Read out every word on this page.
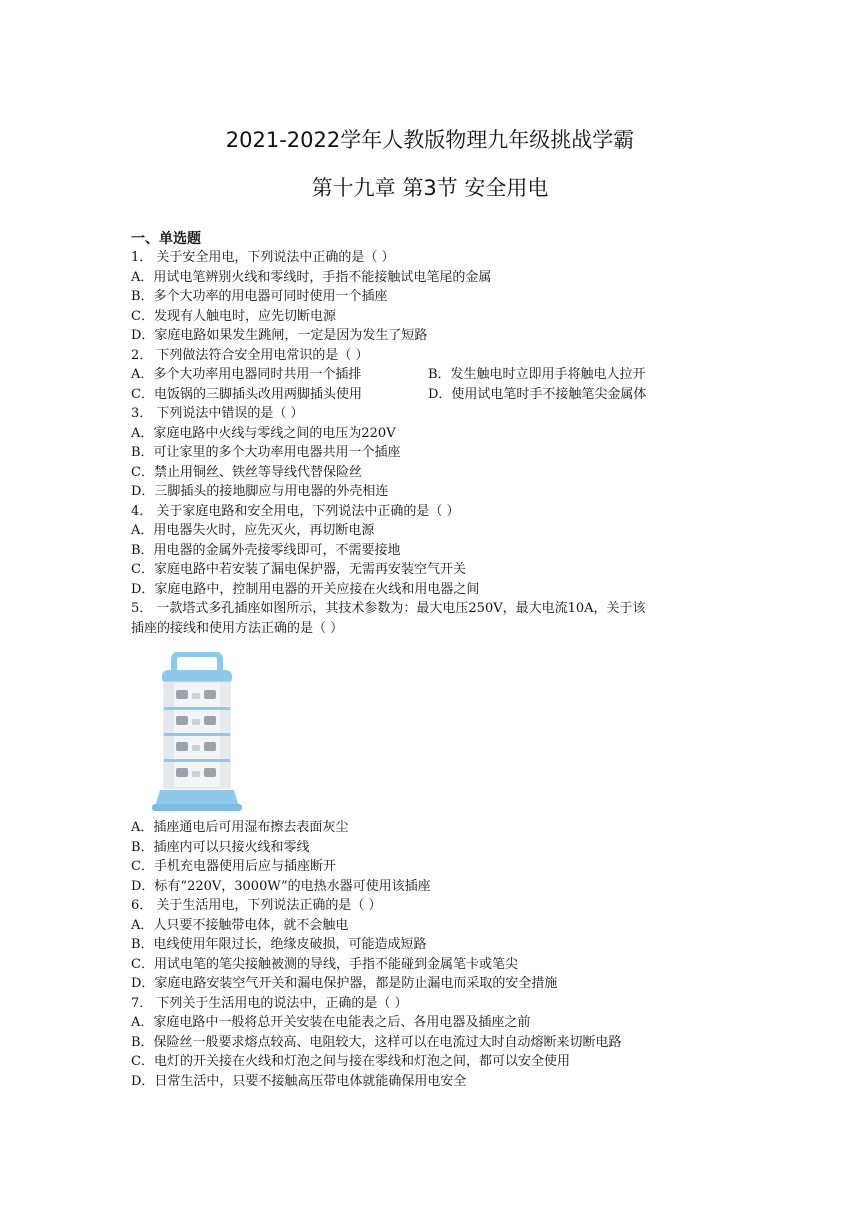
2021-2022学年人教版物理九年级挑战学霸
第十九章 第3节 安全用电
一、单选题
1． 关于安全用电，下列说法中正确的是（ ）
A．用试电笔辨别火线和零线时，手指不能接触试电笔尾的金属
B．多个大功率的用电器可同时使用一个插座
C．发现有人触电时，应先切断电源
D．家庭电路如果发生跳闸，一定是因为发生了短路
2． 下列做法符合安全用电常识的是（ ）
A．多个大功率用电器同时共用一个插排	B．发生触电时立即用手将触电人拉开
C．电饭锅的三脚插头改用两脚插头使用	D．使用试电笔时手不接触笔尖金属体
3． 下列说法中错误的是（ ）
A．家庭电路中火线与零线之间的电压为220V
B．可让家里的多个大功率用电器共用一个插座
C．禁止用铜丝、铁丝等导线代替保险丝
D．三脚插头的接地脚应与用电器的外壳相连
4． 关于家庭电路和安全用电，下列说法中正确的是（ ）
A．用电器失火时，应先灭火，再切断电源
B．用电器的金属外壳接零线即可，不需要接地
C．家庭电路中若安装了漏电保护器，无需再安装空气开关
D．家庭电路中，控制用电器的开关应接在火线和用电器之间
5． 一款塔式多孔插座如图所示，其技术参数为：最大电压250V，最大电流10A，关于该
插座的接线和使用方法正确的是（ ）
A．插座通电后可用湿布擦去表面灰尘
B．插座内可以只接火线和零线
C．手机充电器使用后应与插座断开
D．标有“220V，3000W”的电热水器可使用该插座
6． 关于生活用电，下列说法正确的是（ ）
A．人只要不接触带电体，就不会触电
B．电线使用年限过长，绝缘皮破损，可能造成短路
C．用试电笔的笔尖接触被测的导线，手指不能碰到金属笔卡或笔尖
D．家庭电路安装空气开关和漏电保护器，都是防止漏电而采取的安全措施
7． 下列关于生活用电的说法中，正确的是（ ）
A．家庭电路中一般将总开关安装在电能表之后、各用电器及插座之前
B．保险丝一般要求熔点较高、电阻较大，这样可以在电流过大时自动熔断来切断电路
C．电灯的开关接在火线和灯泡之间与接在零线和灯泡之间，都可以安全使用
D．日常生活中，只要不接触高压带电体就能确保用电安全
